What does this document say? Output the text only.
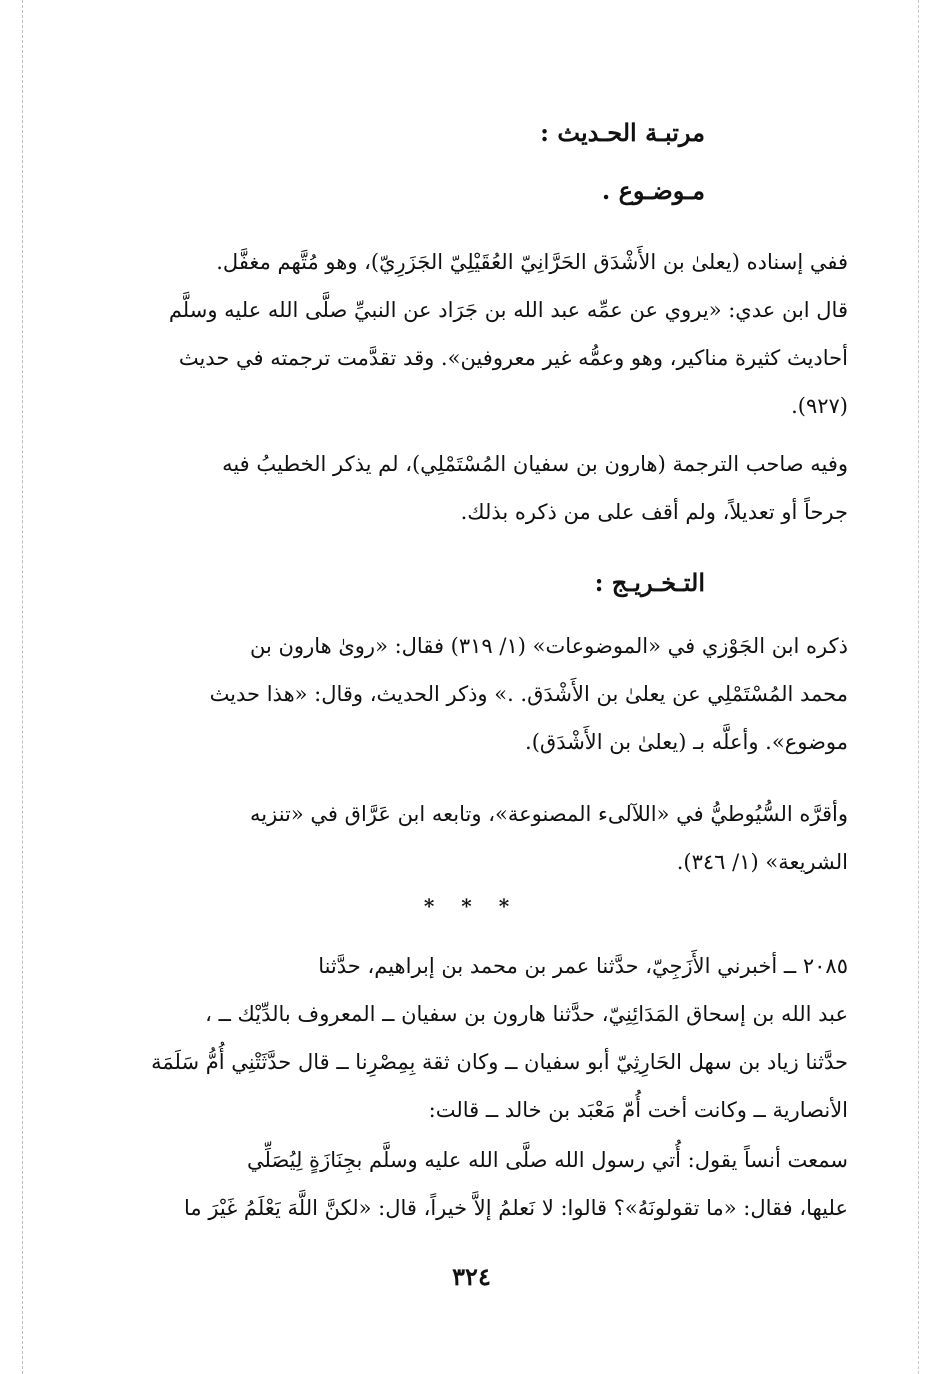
مرتبـة الحـديث :
مـوضـوع .
ففي إسناده (يعلىٰ بن الأَشْدَق الحَرَّانِيّ العُقَيْلِيّ الجَزَرِيّ)، وهو مُتَّهم مغفَّل.
قال ابن عدي: «يروي عن عمِّه عبد الله بن جَرَاد عن النبيِّ صلَّى الله عليه وسلَّم
أحاديث كثيرة مناكير، وهو وعمُّه غير معروفين». وقد تقدَّمت ترجمته في حديث
(٩٢٧).
وفيه صاحب الترجمة (هارون بن سفيان المُسْتَمْلِي)، لم يذكر الخطيبُ فيه
جرحاً أو تعديلاً، ولم أقف على من ذكره بذلك.
التـخـريـج :
ذكره ابن الجَوْزي في «الموضوعات» (١/ ٣١٩) فقال: «روىٰ هارون بن
محمد المُسْتَمْلِي عن يعلىٰ بن الأَشْدَق. .» وذكر الحديث، وقال: «هذا حديث
موضوع». وأعلَّه بـ (يعلىٰ بن الأَشْدَق).
وأقرَّه السُّيُوطيُّ في «اللآلىء المصنوعة»، وتابعه ابن عَرَّاق في «تنزيه
الشريعة» (١/ ٣٤٦).
* * *
٢٠٨٥ ــ أخبرني الأَزَجِيّ، حدَّثنا عمر بن محمد بن إبراهيم، حدَّثنا
عبد الله بن إسحاق المَدَائِنِيّ، حدَّثنا هارون بن سفيان ــ المعروف بالدِّيْك ــ ،
حدَّثنا زياد بن سهل الحَارِثِيّ أبو سفيان ــ وكان ثقة بِمِصْرِنا ــ قال حدَّثَتْنِي أُمُّ سَلَمَة
الأنصارية ــ وكانت أخت أُمّ مَعْبَد بن خالد ــ قالت:
سمعت أنساً يقول: أُتي رسول الله صلَّى الله عليه وسلَّم بجِنَازَةٍ لِيُصَلِّي
عليها، فقال: «ما تقولونَهُ»؟ قالوا: لا نَعلمُ إلاَّ خيراً، قال: «لكنَّ اللَّهَ يَعْلَمُ غَيْرَ ما
٣٢٤
